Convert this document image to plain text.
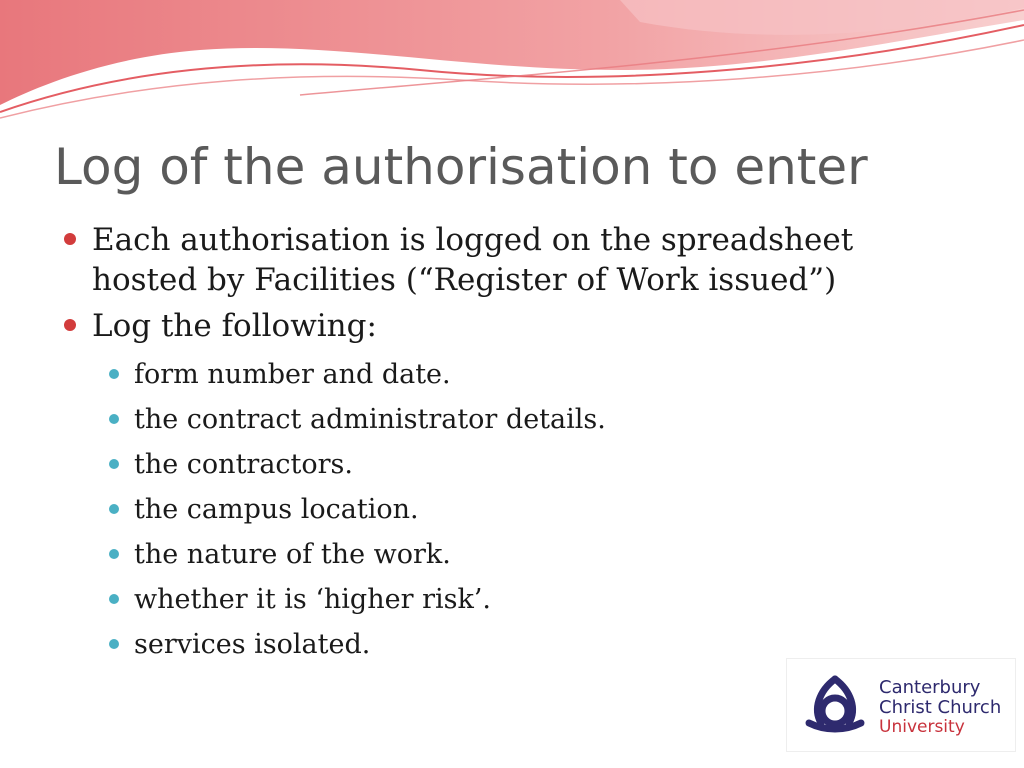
Log of the authorisation to enter
Each authorisation is logged on the spreadsheet hosted by Facilities (“Register of Work issued”)
Log the following:
form number and date.
the contract administrator details.
the contractors.
the campus location.
the nature of the work.
whether it is ‘higher risk’.
services isolated.
Canterbury
Christ Church
University
